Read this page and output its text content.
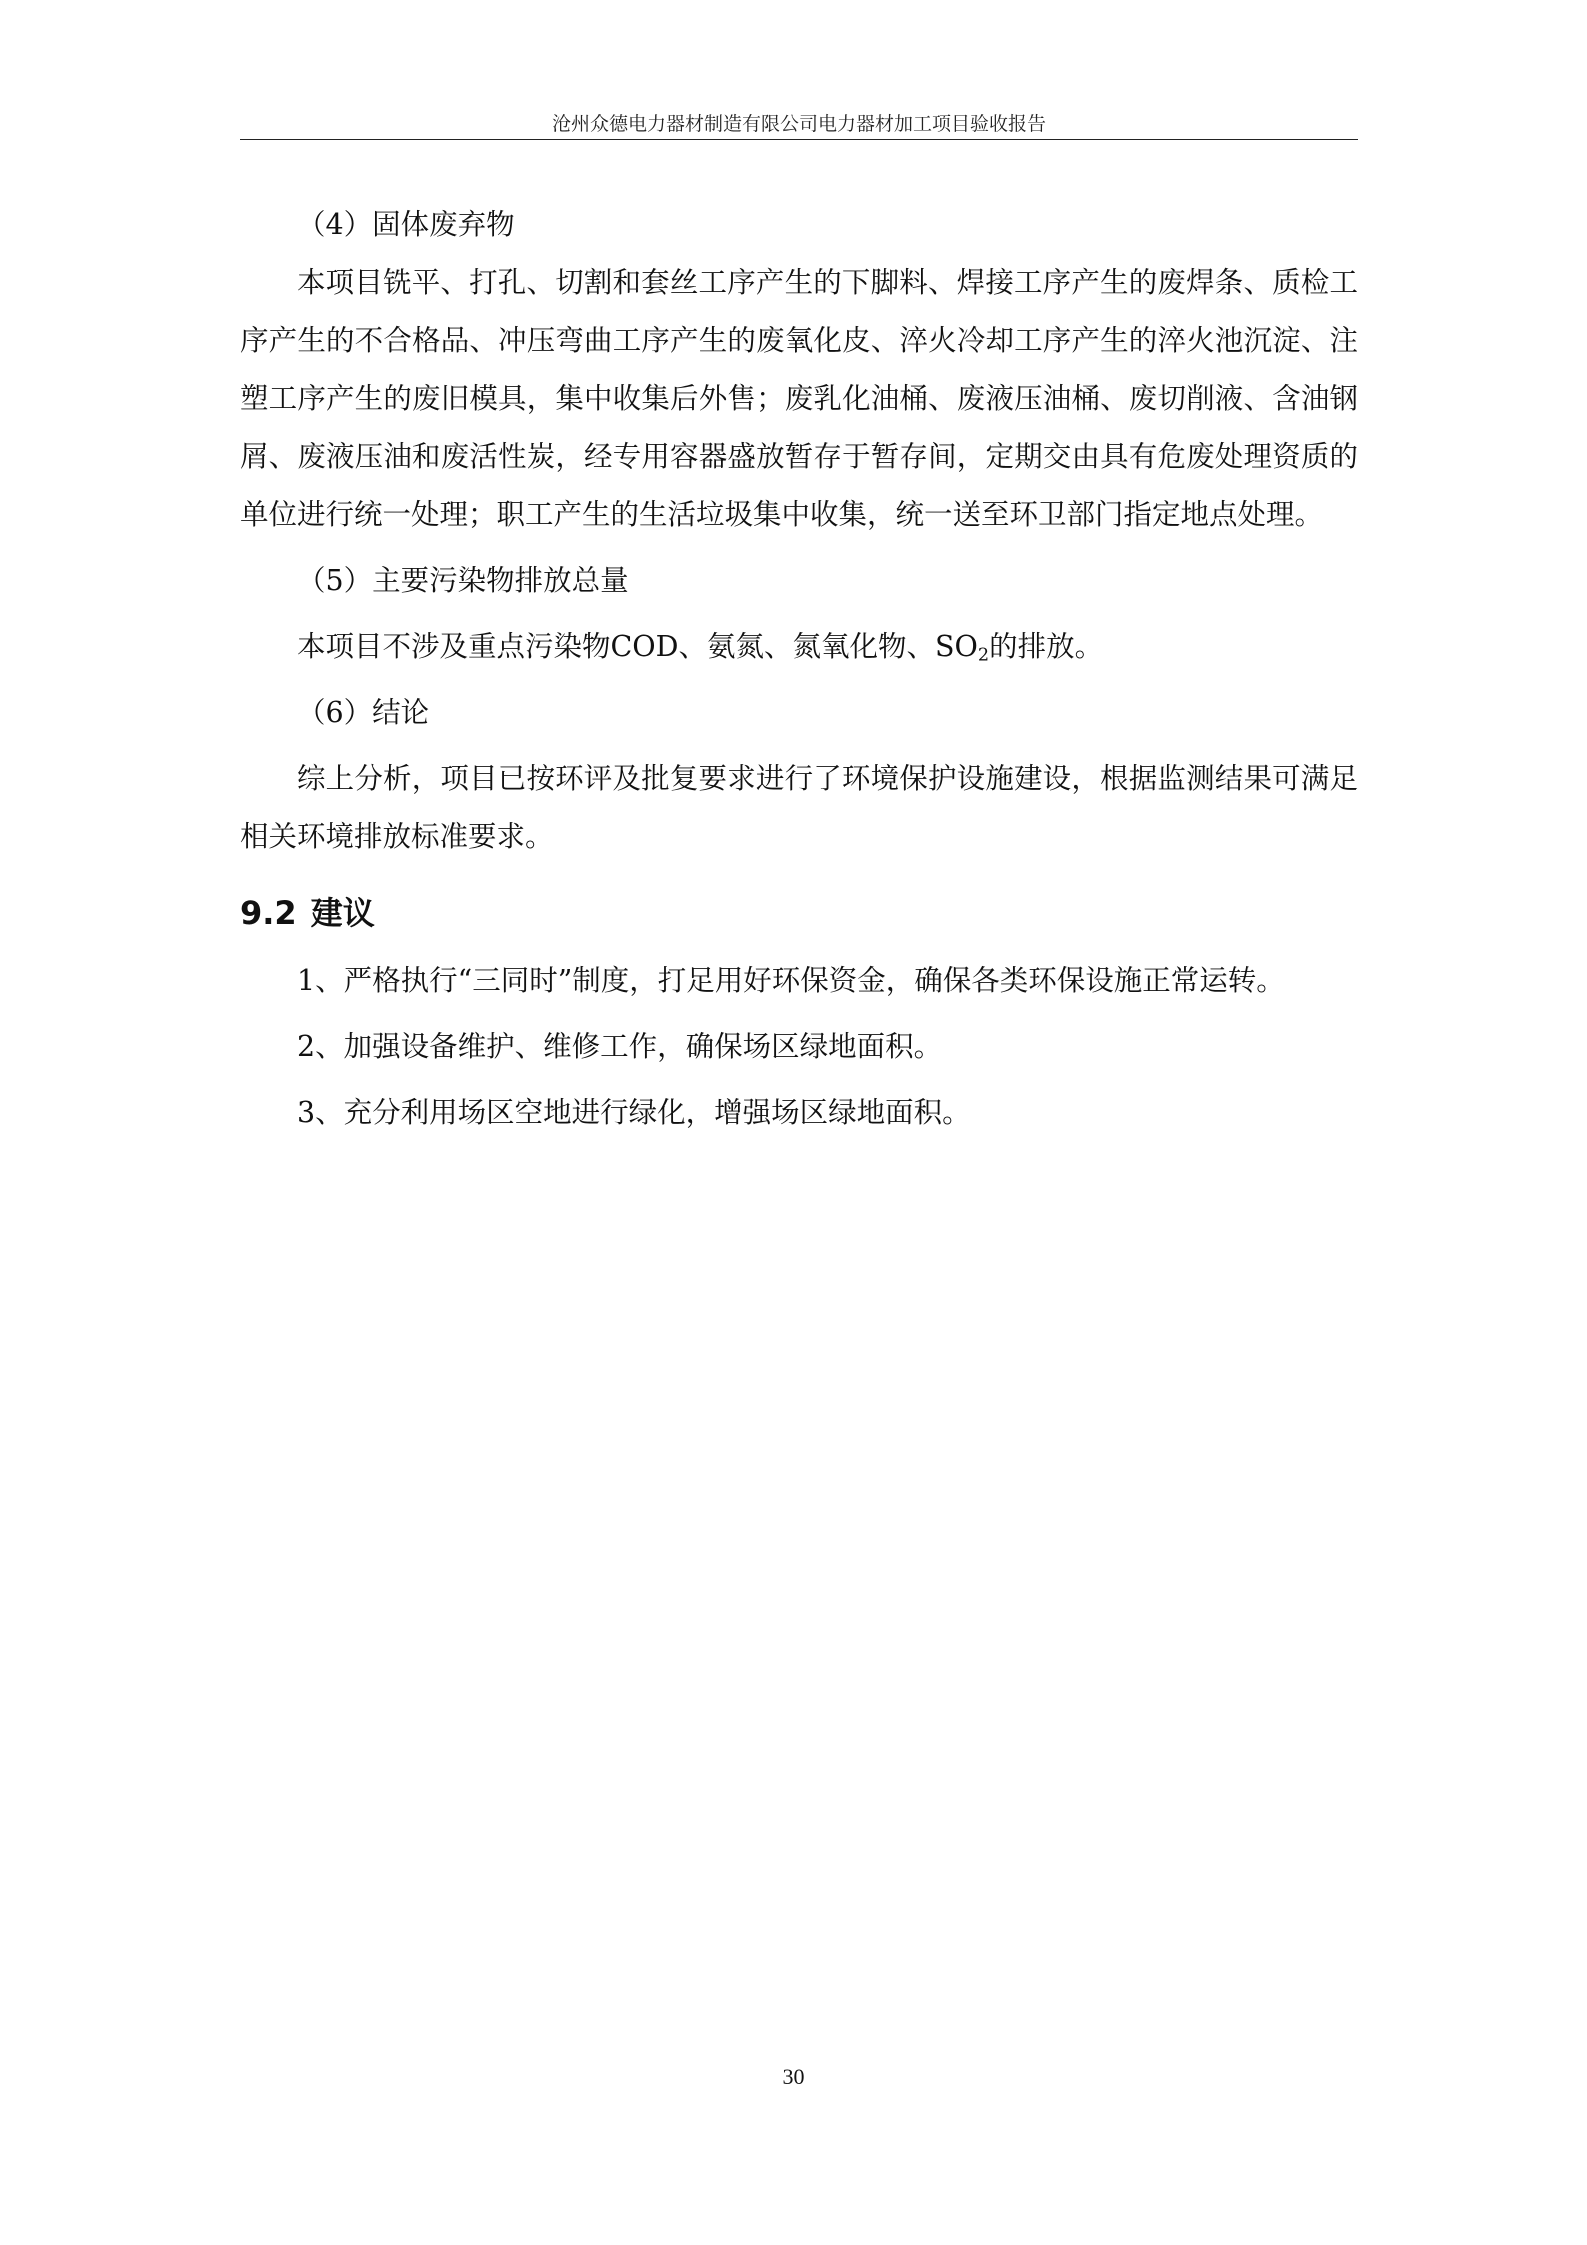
沧州众德电力器材制造有限公司电力器材加工项目验收报告

（4）固体废弃物

本项目铣平、打孔、切割和套丝工序产生的下脚料、焊接工序产生的废焊条、质检工序产生的不合格品、冲压弯曲工序产生的废氧化皮、淬火冷却工序产生的淬火池沉淀、注塑工序产生的废旧模具，集中收集后外售；废乳化油桶、废液压油桶、废切削液、含油钢屑、废液压油和废活性炭，经专用容器盛放暂存于暂存间，定期交由具有危废处理资质的单位进行统一处理；职工产生的生活垃圾集中收集，统一送至环卫部门指定地点处理。

（5）主要污染物排放总量

本项目不涉及重点污染物COD、氨氮、氮氧化物、$SO_2$的排放。

（6）结论

综上分析，项目已按环评及批复要求进行了环境保护设施建设，根据监测结果可满足相关环境排放标准要求。

9.2 建议

1、严格执行“三同时”制度，打足用好环保资金，确保各类环保设施正常运转。

2、加强设备维护、维修工作，确保场区绿地面积。

3、充分利用场区空地进行绿化，增强场区绿地面积。

30
